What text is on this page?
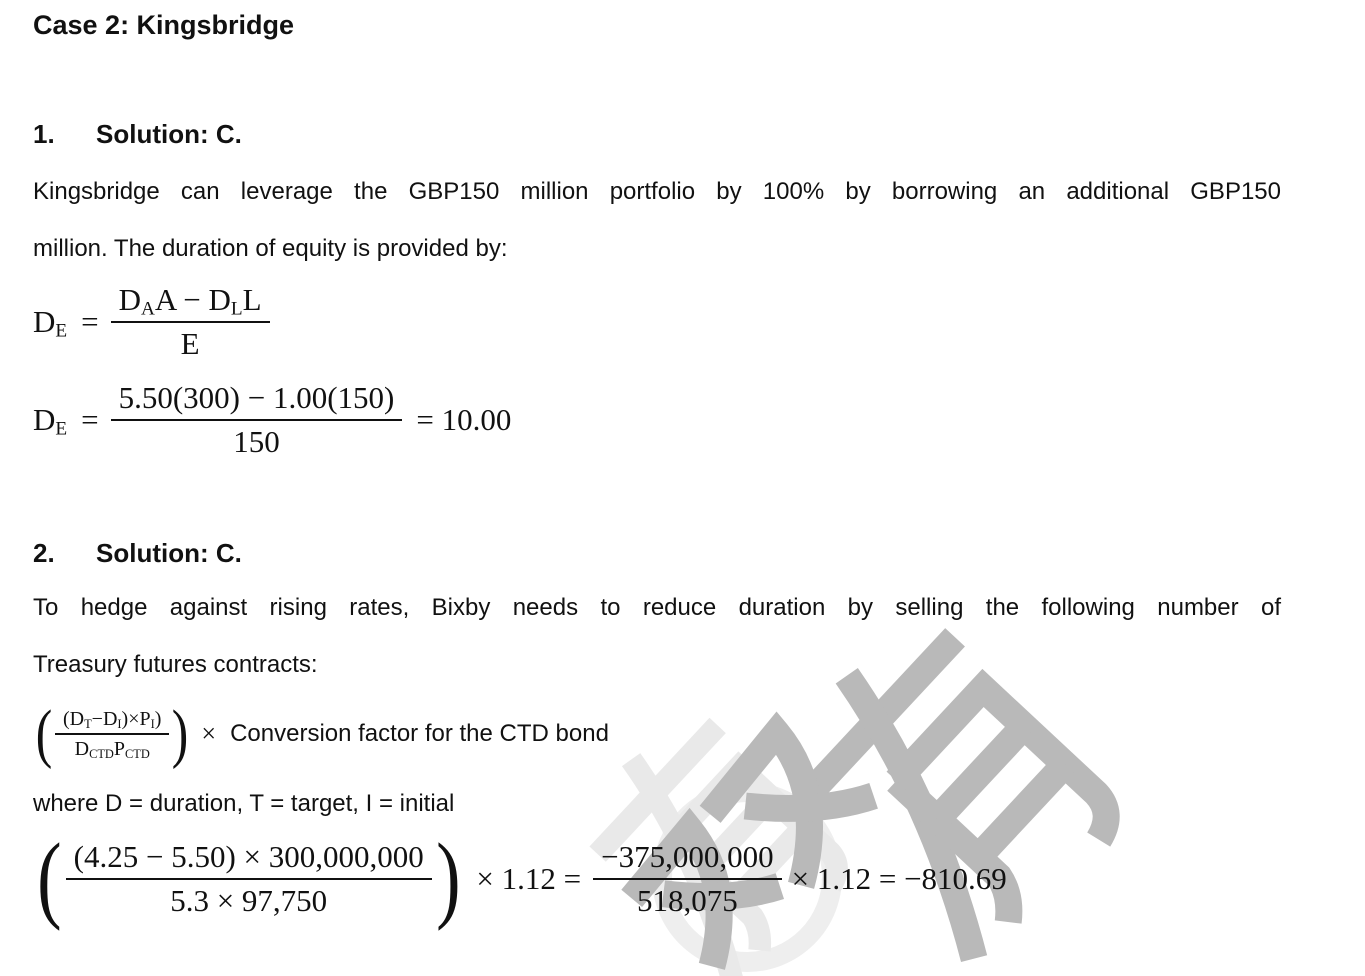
Case 2: Kingsbridge
1. Solution: C.
Kingsbridge can leverage the GBP150 million portfolio by 100% by borrowing an additional GBP150
million. The duration of equity is provided by:
$D_E = \frac{D_AA - D_LL}{E}$
$D_E = \frac{5.50(300) - 1.00(150)}{150} = 10.00$
2. Solution: C.
To hedge against rising rates, Bixby needs to reduce duration by selling the following number of
Treasury futures contracts:
( $\frac{(D_T-D_I)\times P_I)}{D_{CTD}P_{CTD}}$ ) × Conversion factor for the CTD bond
where D = duration, T = target, I = initial
( $\frac{(4.25 - 5.50) \times 300,000,000}{5.3 \times 97,750}$ ) × $1.12 = \frac{-375,000,000}{518,075} \times 1.12 = -810.69$
